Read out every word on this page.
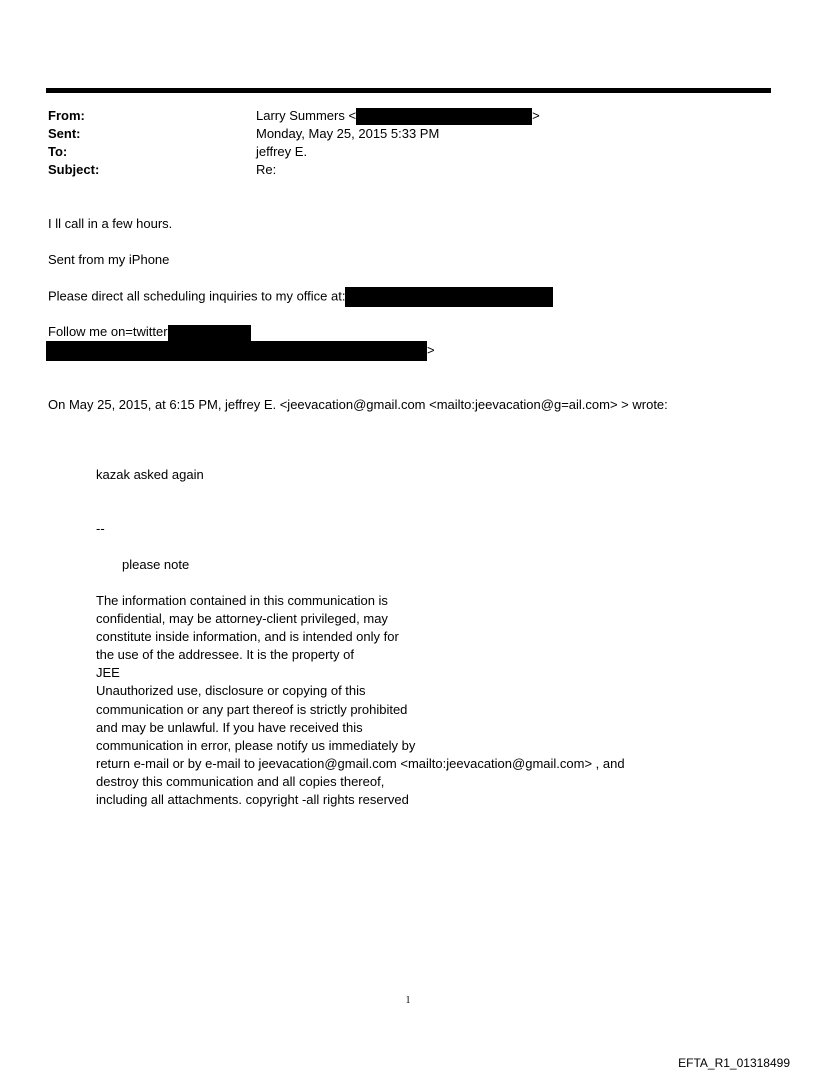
From:	Larry Summers <	>
Sent:	Monday, May 25, 2015 5:33 PM
To:	jeffrey E.
Subject:	Re:
I ll call in a few hours.
Sent from my iPhone
Please direct all scheduling inquiries to my office at:
Follow me on=twitter
>
On May 25, 2015, at 6:15 PM, jeffrey E. <jeevacation@gmail.com <mailto:jeevacation@g=ail.com> > wrote:
kazak asked again
--
please note
The information contained in this communication is
confidential, may be attorney-client privileged, may
constitute inside information, and is intended only for
the use of the addressee. It is the property of
JEE
Unauthorized use, disclosure or copying of this
communication or any part thereof is strictly prohibited
and may be unlawful. If you have received this
communication in error, please notify us immediately by
return e-mail or by e-mail to jeevacation@gmail.com <mailto:jeevacation@gmail.com> , and
destroy this communication and all copies thereof,
including all attachments. copyright -all rights reserved
1
EFTA_R1_01318499
